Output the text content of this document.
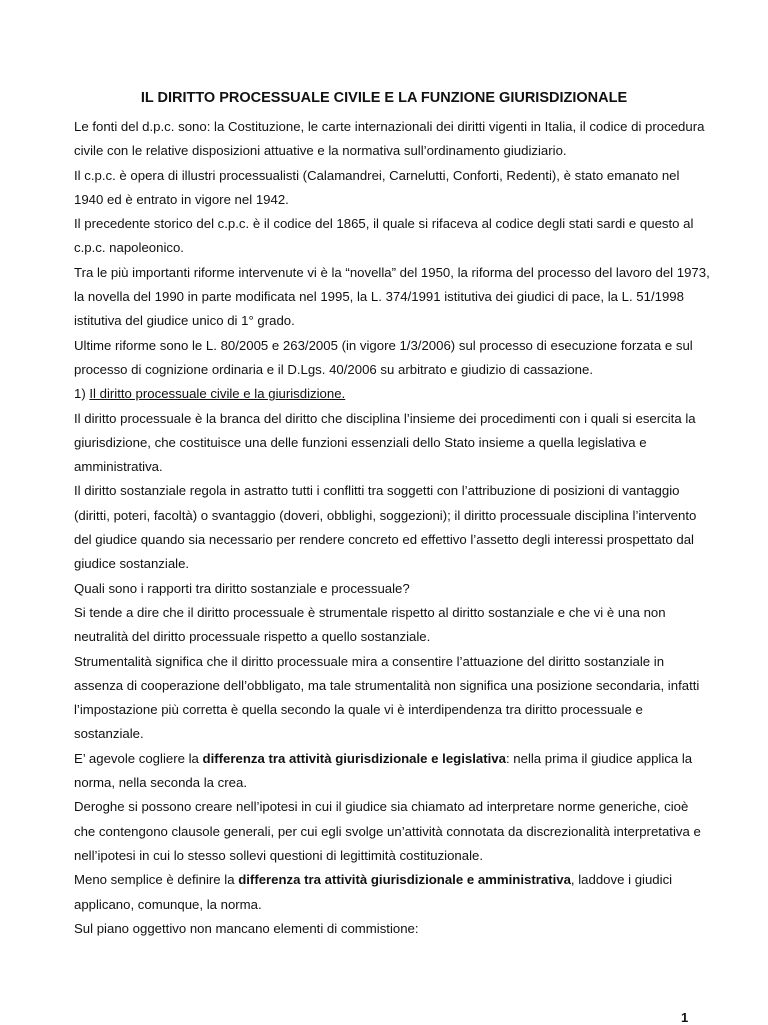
IL DIRITTO PROCESSUALE CIVILE E LA FUNZIONE GIURISDIZIONALE

Le fonti del d.p.c. sono: la Costituzione, le carte internazionali dei diritti vigenti in Italia, il codice di procedura civile con le relative disposizioni attuative e la normativa sull’ordinamento giudiziario.

Il c.p.c. è opera di illustri processualisti (Calamandrei, Carnelutti, Conforti, Redenti), è stato emanato nel 1940 ed è entrato in vigore nel 1942.

Il precedente storico del c.p.c. è il codice del 1865, il quale si rifaceva al codice degli stati sardi e questo al c.p.c. napoleonico.

Tra le più importanti riforme intervenute vi è la “novella” del 1950, la riforma del processo del lavoro del 1973, la novella del 1990 in parte modificata nel 1995, la L. 374/1991 istitutiva dei giudici di pace, la L. 51/1998 istitutiva del giudice unico di 1° grado.

Ultime riforme sono le L. 80/2005 e 263/2005 (in vigore 1/3/2006) sul processo di esecuzione forzata e sul processo di cognizione ordinaria e il D.Lgs. 40/2006 su arbitrato e giudizio di cassazione.

1) Il diritto processuale civile e la giurisdizione.

Il diritto processuale è la branca del diritto che disciplina l’insieme dei procedimenti con i quali si esercita la giurisdizione, che costituisce una delle funzioni essenziali dello Stato insieme a quella legislativa e amministrativa.

Il diritto sostanziale regola in astratto tutti i conflitti tra soggetti con l’attribuzione di posizioni di vantaggio (diritti, poteri, facoltà) o svantaggio (doveri, obblighi, soggezioni); il diritto processuale disciplina l’intervento del giudice quando sia necessario per rendere concreto ed effettivo l’assetto degli interessi prospettato dal giudice sostanziale.

Quali sono i rapporti tra diritto sostanziale e processuale?

Si tende a dire che il diritto processuale è strumentale rispetto al diritto sostanziale e che vi è una non neutralità del diritto processuale rispetto a quello sostanziale.

Strumentalità significa che il diritto processuale mira a consentire l’attuazione del diritto sostanziale in assenza di cooperazione dell’obbligato, ma tale strumentalità non significa una posizione secondaria, infatti l’impostazione più corretta è quella secondo la quale vi è interdipendenza tra diritto processuale e sostanziale.

E’ agevole cogliere la differenza tra attività giurisdizionale e legislativa: nella prima il giudice applica la norma, nella seconda la crea.

Deroghe si possono creare nell’ipotesi in cui il giudice sia chiamato ad interpretare norme generiche, cioè che contengono clausole generali, per cui egli svolge un’attività connotata da discrezionalità interpretativa e nell’ipotesi in cui lo stesso sollevi questioni di legittimità costituzionale.

Meno semplice è definire la differenza tra attività giurisdizionale e amministrativa, laddove i giudici applicano, comunque, la norma.

Sul piano oggettivo non mancano elementi di commistione:

1
